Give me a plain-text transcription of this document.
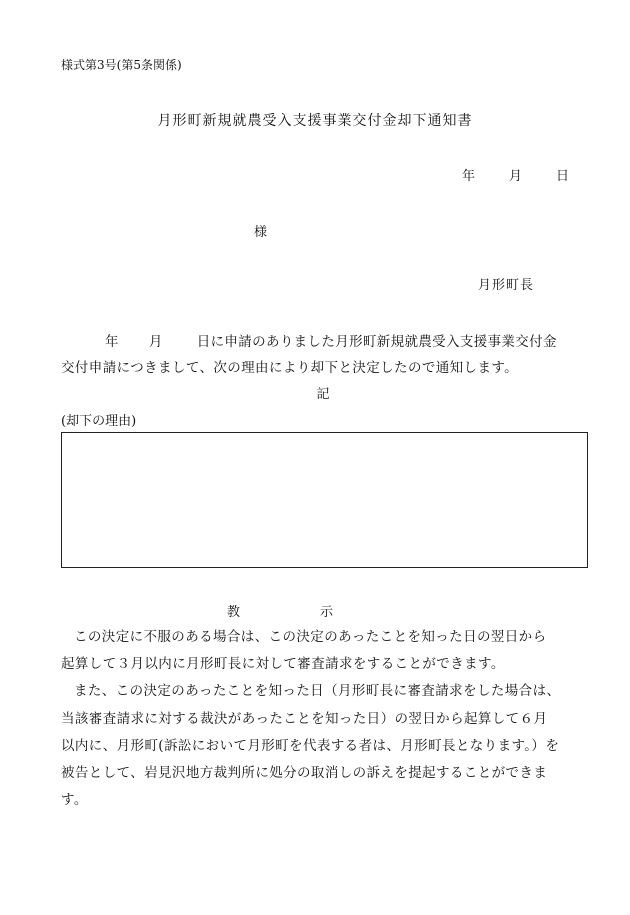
様式第3号(第5条関係)
月形町新規就農受入支援事業交付金却下通知書
年	月	日
様
月形町長
年 月	日に申請のありました月形町新規就農受入支援事業交付金
交付申請につきまして、次の理由により却下と決定したので通知します。
記
(却下の理由)
教示
この決定に不服のある場合は、この決定のあったことを知った日の翌日から
起算して３月以内に月形町長に対して審査請求をすることができます。
また、この決定のあったことを知った日（月形町長に審査請求をした場合は、
当該審査請求に対する裁決があったことを知った日）の翌日から起算して６月
以内に、月形町(訴訟において月形町を代表する者は、月形町長となります。）を
被告として、岩見沢地方裁判所に処分の取消しの訴えを提起することができま
す。
